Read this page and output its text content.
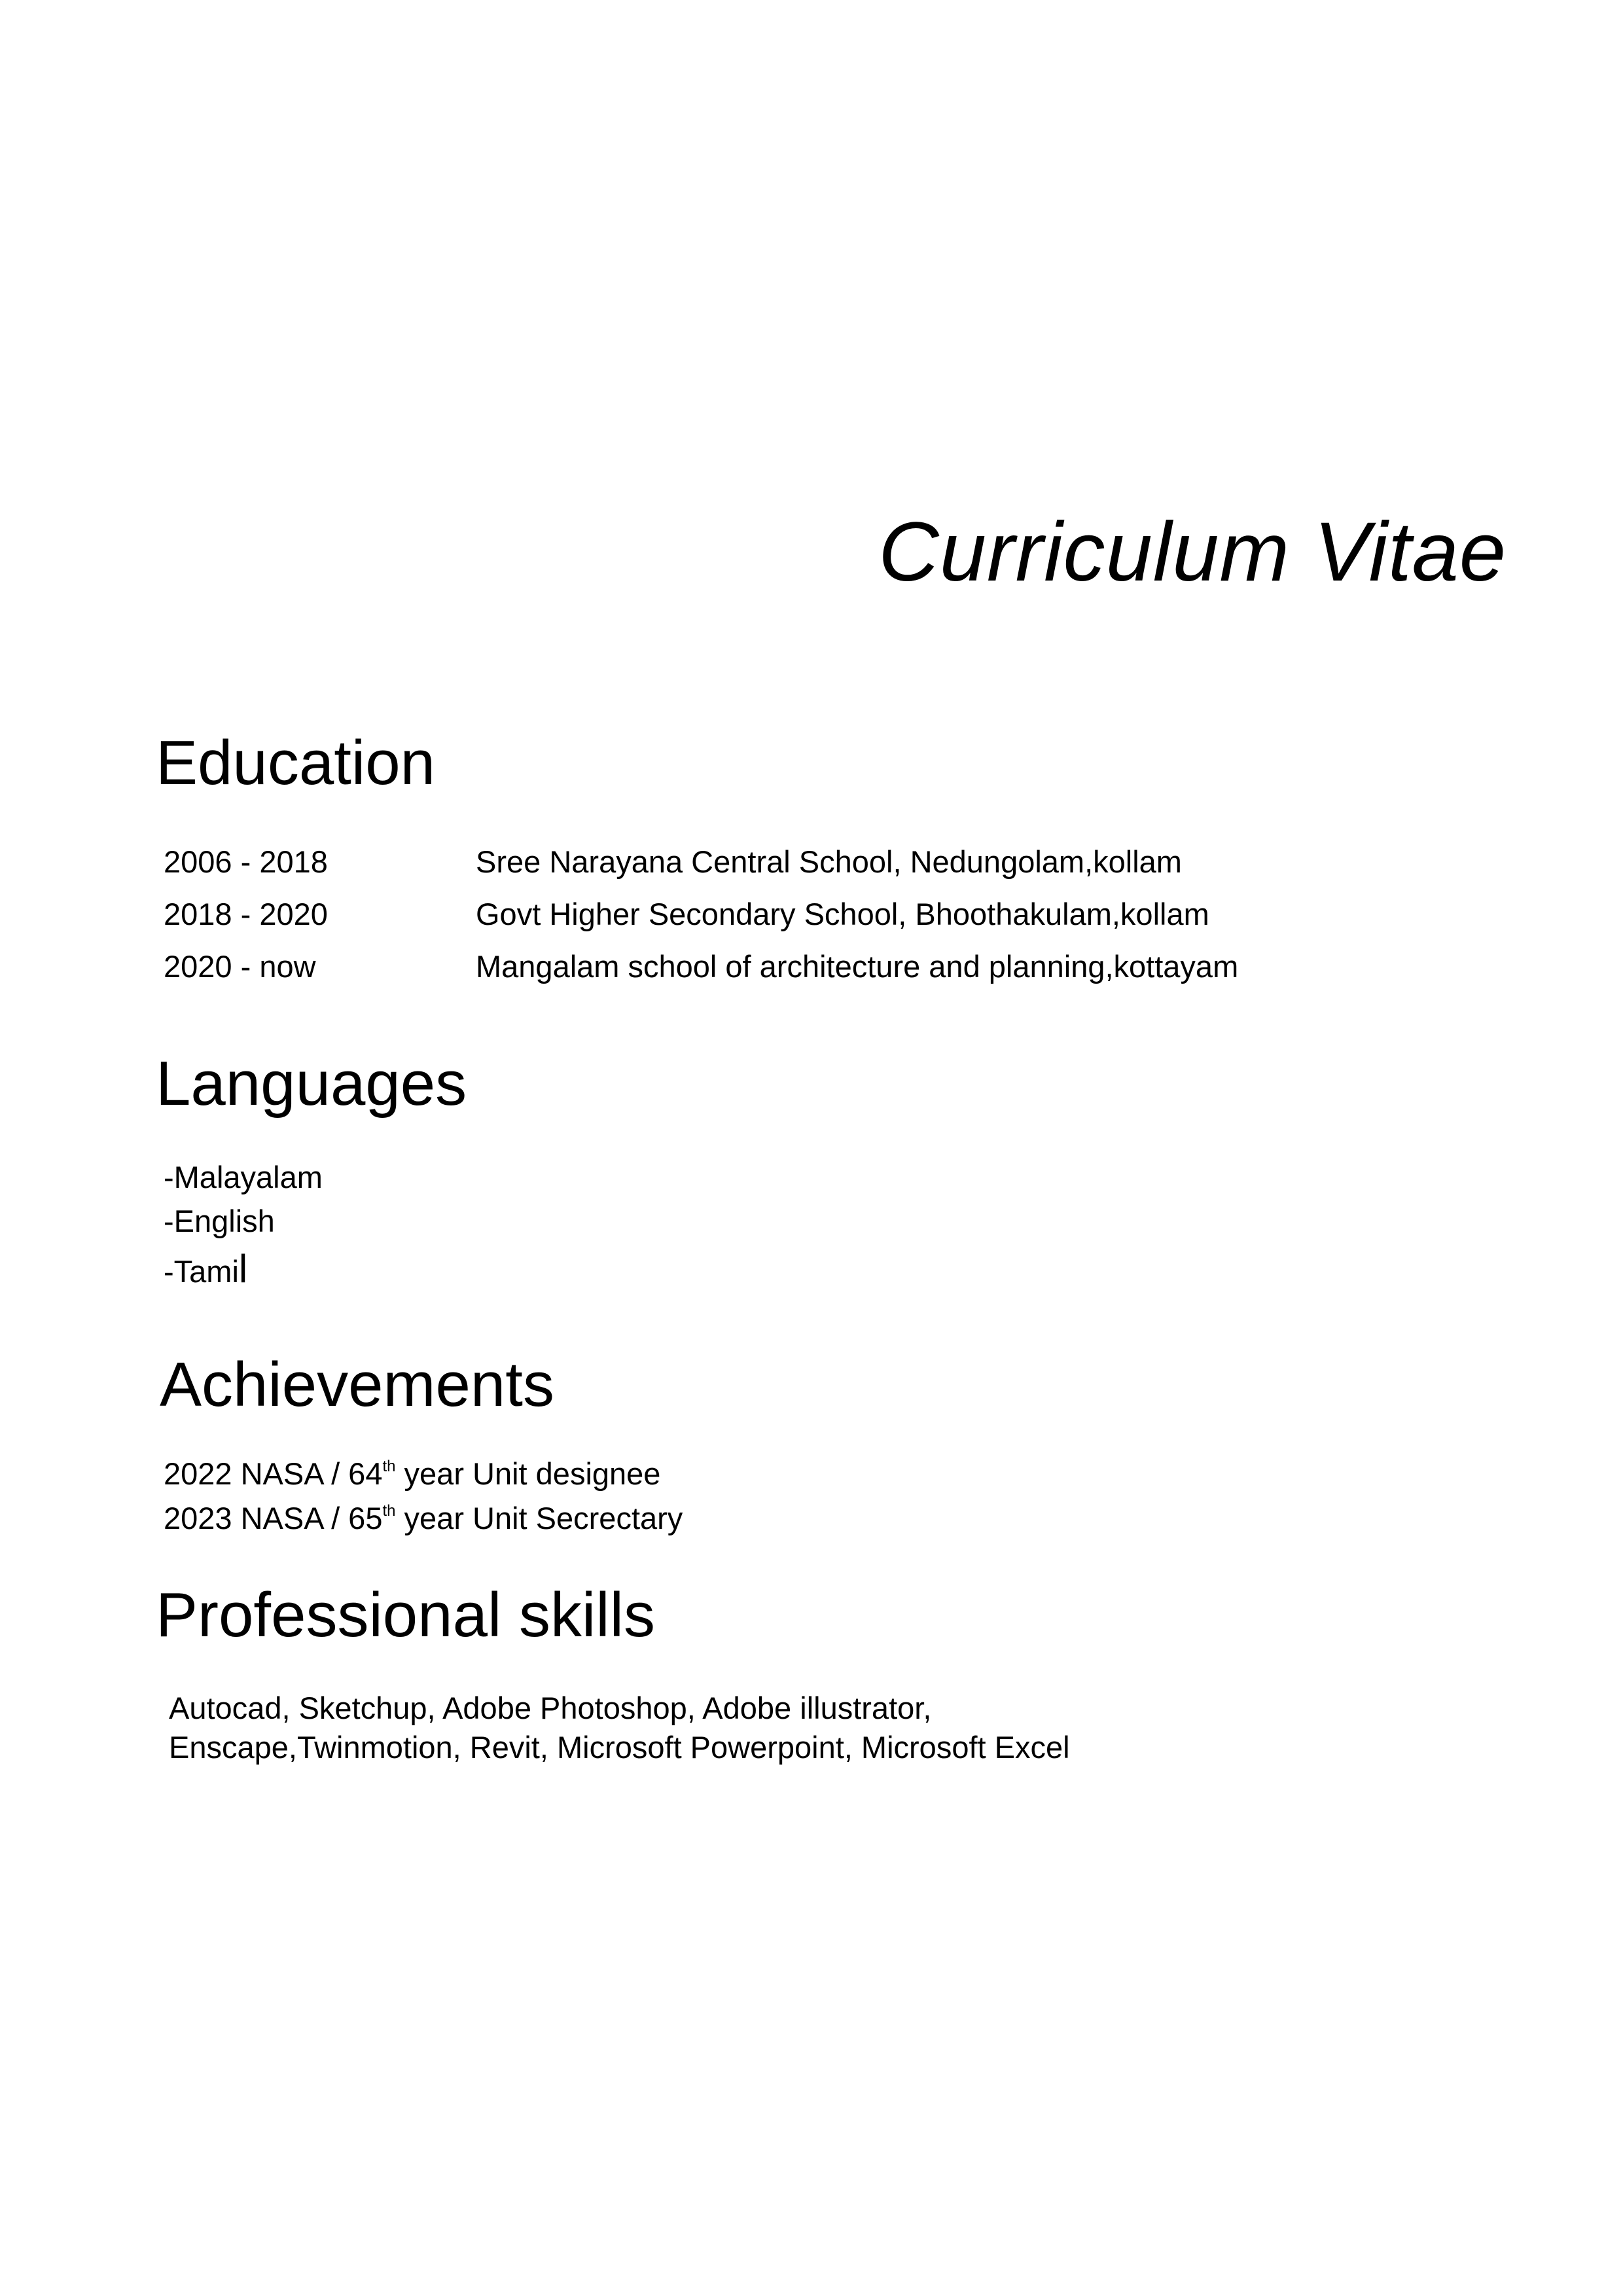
Curriculum Vitae
Education
2006 - 2018	Sree Narayana Central School, Nedungolam,kollam
2018 - 2020	Govt Higher Secondary School, Bhoothakulam,kollam
2020 - now	Mangalam school of architecture and planning,kottayam
Languages
-Malayalam
-English
-Tamil
Achievements
2022 NASA / 64th year Unit designee
2023 NASA / 65th year Unit Secrectary
Professional skills
Autocad, Sketchup, Adobe Photoshop, Adobe illustrator,
Enscape,Twinmotion, Revit, Microsoft Powerpoint, Microsoft Excel
